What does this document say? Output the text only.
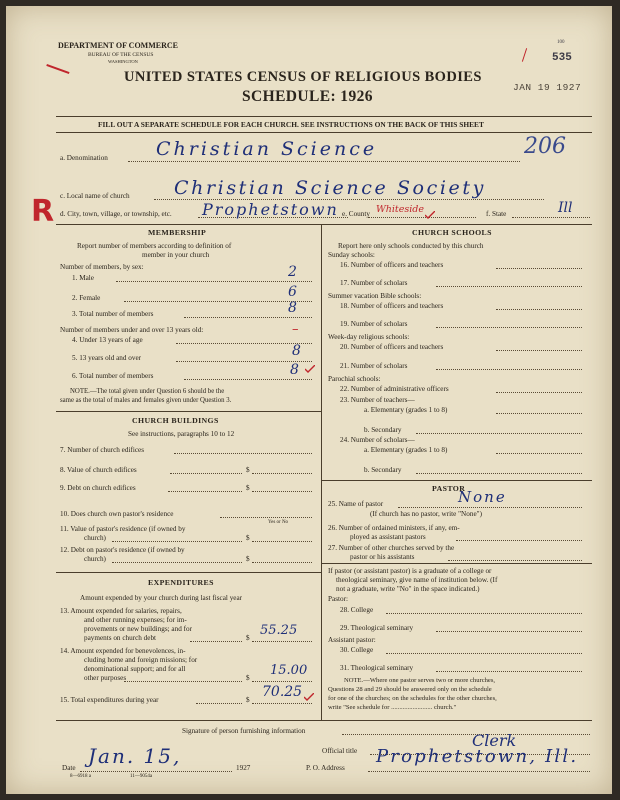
DEPARTMENT OF COMMERCE
BUREAU OF THE CENSUS
WASHINGTON
UNITED STATES CENSUS OF RELIGIOUS BODIES
SCHEDULE: 1926
JAN 19 1927
535
100
FILL OUT A SEPARATE SCHEDULE FOR EACH CHURCH. SEE INSTRUCTIONS ON THE BACK OF THIS SHEET
a. Denomination	Christian Science	206
c. Local name of church Christian Science Society
R d. City, town, village, or township, etc. Prophetstown e. County Whiteside	f. State	Ill
MEMBERSHIP
Report number of members according to definition of
member in your church
Number of members, by sex:
1. Male	2
2. Female	6
3. Total number of members	8
Number of members under and over 13 years old:
4. Under 13 years of age
–
5. 13 years old and over	8
6. Total number of members	8
NOTE.—The total given under Question 6 should be the
same as the total of males and females given under Question 3.
CHURCH BUILDINGS
See instructions, paragraphs 10 to 12
7. Number of church edifices
8. Value of church edifices	$
9. Debt on church edifices	$
10. Does church own pastor's residence
Yes or No
11. Value of pastor's residence (if owned by
church)	$
12. Debt on pastor's residence (if owned by
church)	$
EXPENDITURES
Amount expended by your church during last fiscal year
13. Amount expended for salaries, repairs,
and other running expenses; for im-
provements or new buildings; and for
payments on church debt	$ 55.25
14. Amount expended for benevolences, in-
cluding home and foreign missions; for
denominational support; and for all
other purposes	$ 15.00
15. Total expenditures during year	$ 70.25
CHURCH SCHOOLS
Report here only schools conducted by this church
Sunday schools:
16. Number of officers and teachers
17. Number of scholars
Summer vacation Bible schools:
18. Number of officers and teachers
19. Number of scholars
Week-day religious schools:
20. Number of officers and teachers
21. Number of scholars
Parochial schools:
22. Number of administrative officers
23. Number of teachers—
a. Elementary (grades 1 to 8)
b. Secondary
24. Number of scholars—
a. Elementary (grades 1 to 8)
b. Secondary
PASTOR
25. Name of pastor	None
(If church has no pastor, write "None")
26. Number of ordained ministers, if any, em-
ployed as assistant pastors
27. Number of other churches served by the
pastor or his assistants
If pastor (or assistant pastor) is a graduate of a college or
theological seminary, give name of institution below. (If
not a graduate, write "No" in the space indicated.)
Pastor:
28. College
29. Theological seminary
Assistant pastor:
30. College
31. Theological seminary
NOTE.—Where one pastor serves two or more churches,
Questions 28 and 29 should be answered only on the schedule
for one of the churches; on the schedules for the other churches,
write "See schedule for ......................... church."
Signature of person furnishing information
Official title
Clerk
Date Jan. 15,	1927	P. O. Address
Prophetstown, Ill.
8—6918 a	11—9054a
